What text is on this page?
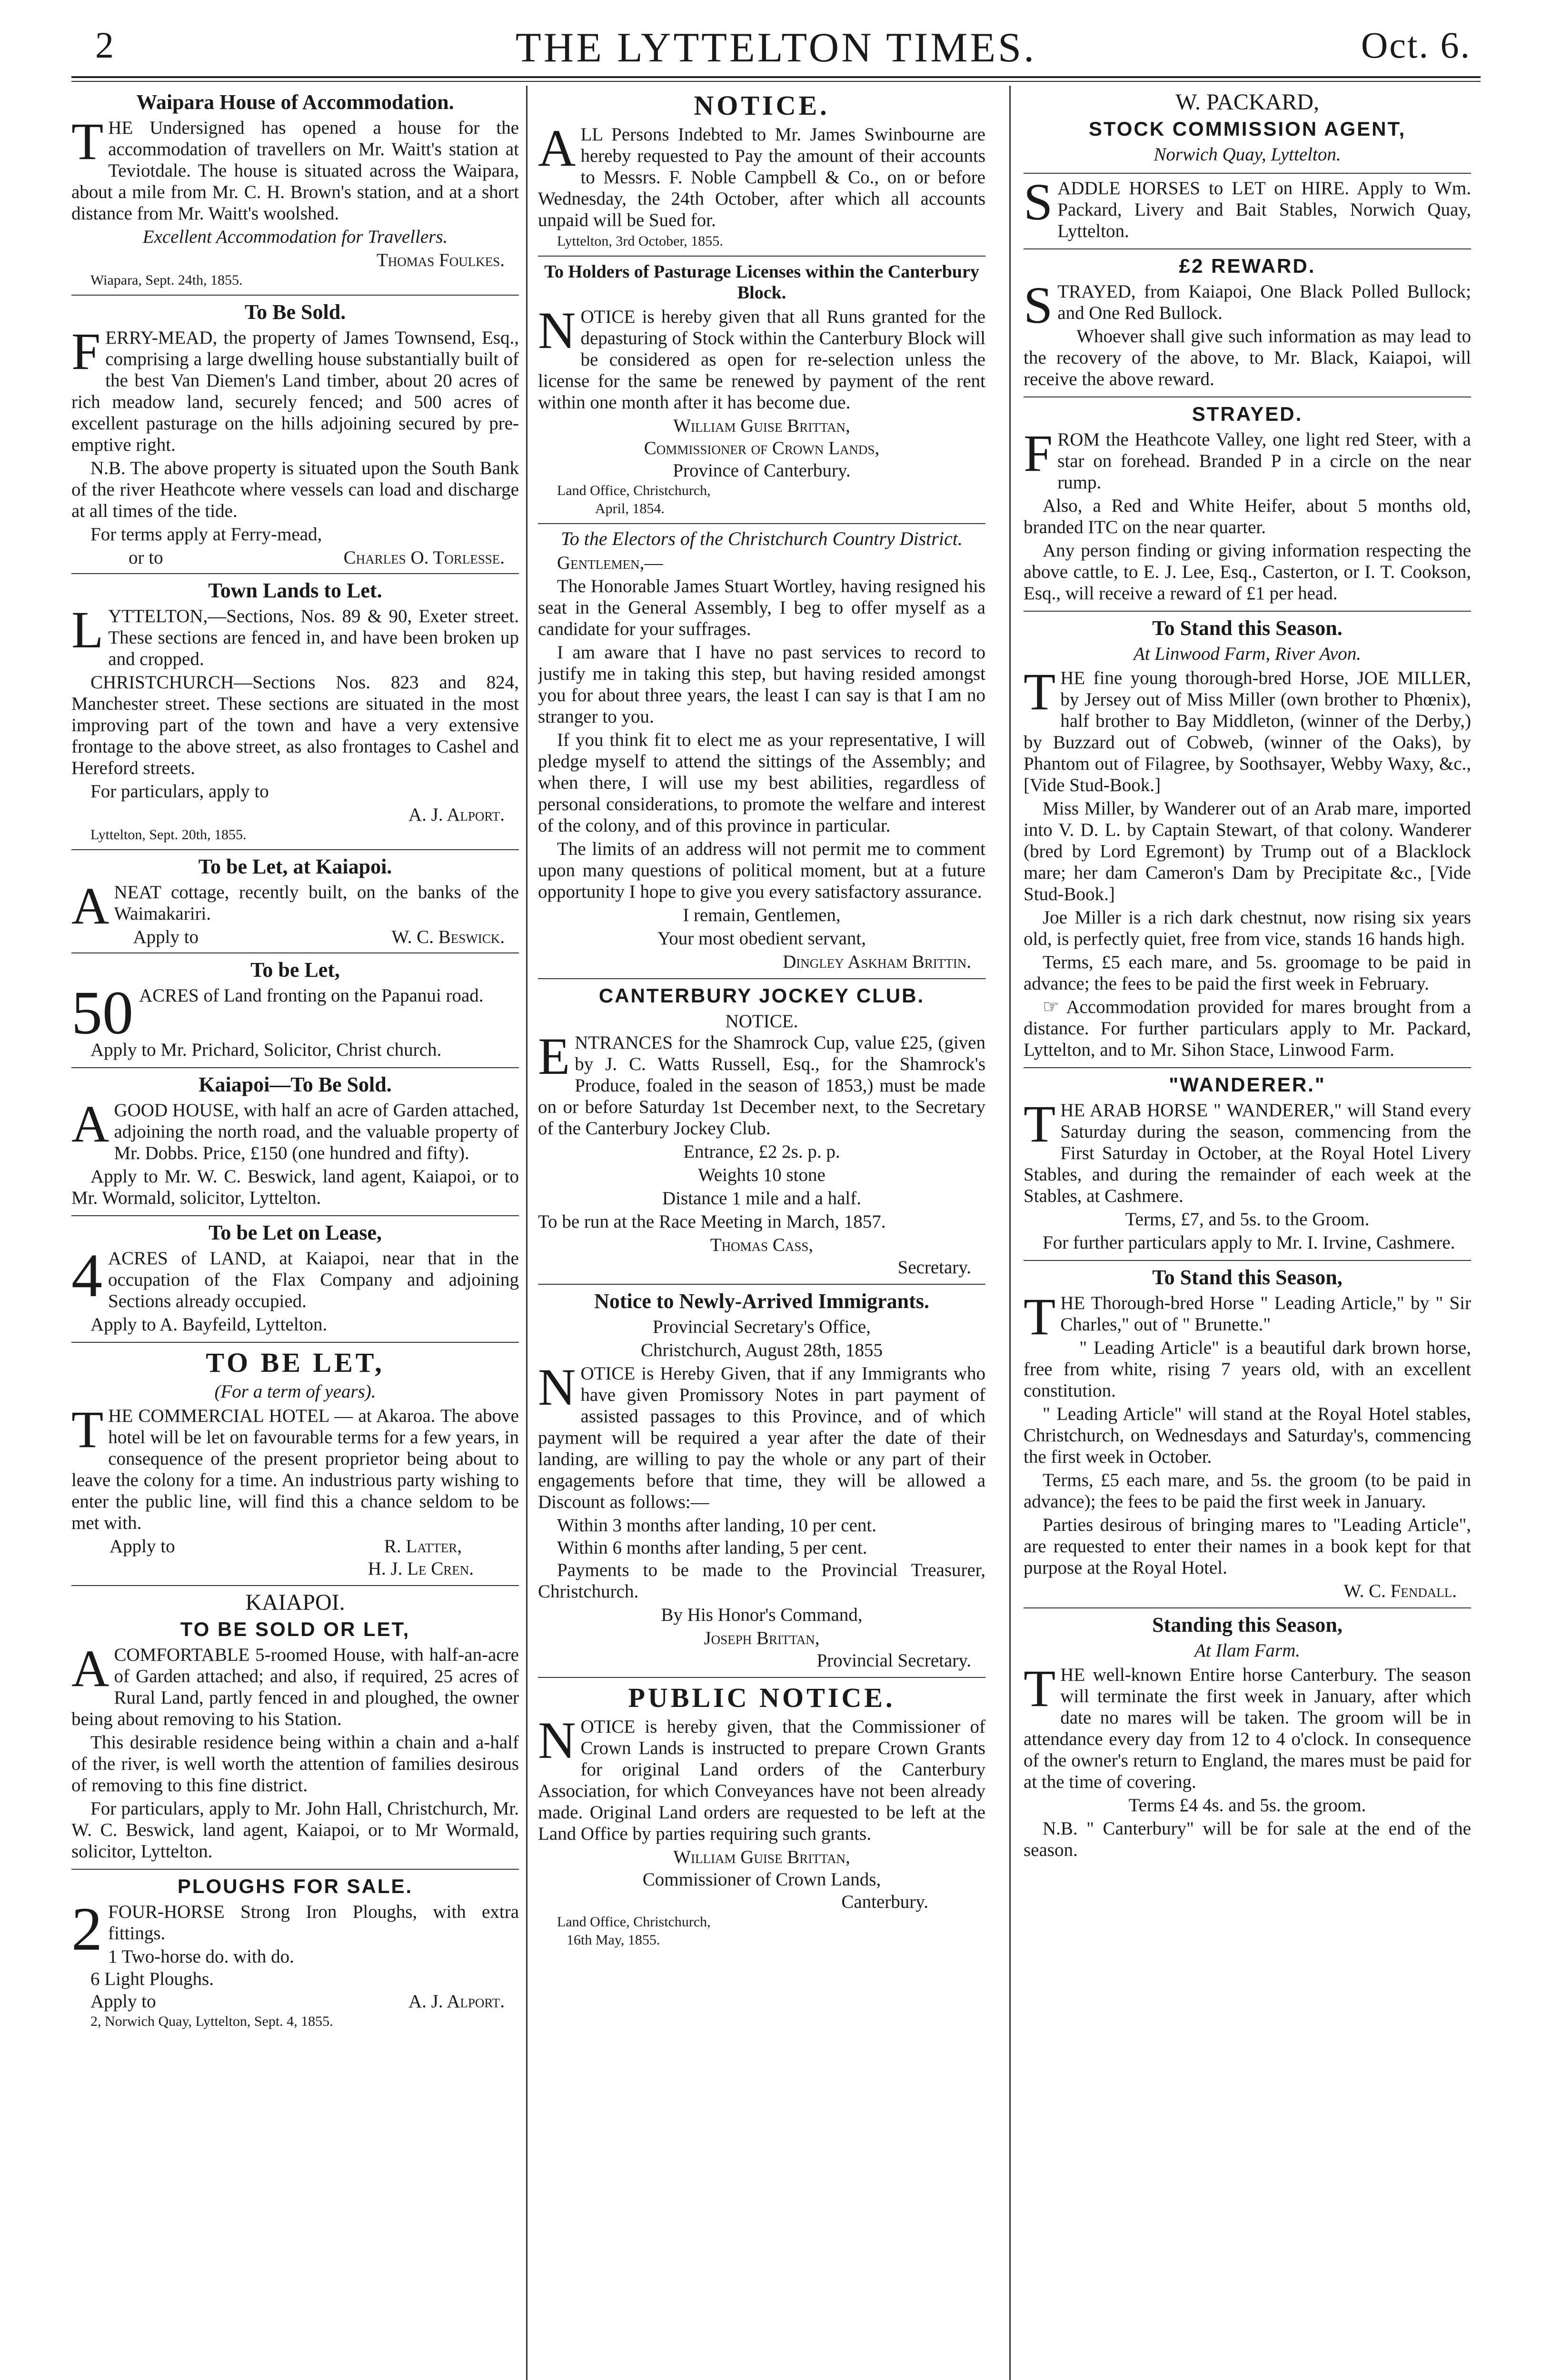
2	THE LYTTELTON TIMES.	Oct. 6.
Waipara House of Accommodation.

THE Undersigned has opened a house for the accommodation of travellers on Mr. Waitt's station at Teviotdale. The house is situated across the Waipara, about a mile from Mr. C. H. Brown's station, and at a short distance from Mr. Waitt's woolshed.

Excellent Accommodation for Travellers.

Thomas Foulkes.
Wiapara, Sept. 24th, 1855.
To Be Sold.

FERRY-MEAD, the property of James Townsend, Esq., comprising a large dwelling house substantially built of the best Van Diemen's Land timber, about 20 acres of rich meadow land, securely fenced; and 500 acres of excellent pasturage on the hills adjoining secured by pre-emptive right.

N.B. The above property is situated upon the South Bank of the river Heathcote where vessels can load and discharge at all times of the tide.

For terms apply at Ferry-mead,

or to	Charles O. Torlesse.
Town Lands to Let.

LYTTELTON,—Sections, Nos. 89 & 90, Exeter street. These sections are fenced in, and have been broken up and cropped.

CHRISTCHURCH—Sections Nos. 823 and 824, Manchester street. These sections are situated in the most improving part of the town and have a very extensive frontage to the above street, as also frontages to Cashel and Hereford streets.

For particulars, apply to

A. J. Alport.
Lyttelton, Sept. 20th, 1855.
To be Let, at Kaiapoi.

ANEAT cottage, recently built, on the banks of the Waimakariri.

Apply to	W. C. Beswick.
To be Let,

50 ACRES of Land fronting on the Papanui road.

Apply to Mr. Prichard, Solicitor, Christ church.

Kaiapoi—To Be Sold.

AGOOD HOUSE, with half an acre of Garden attached, adjoining the north road, and the valuable property of Mr. Dobbs. Price, £150 (one hundred and fifty).

Apply to Mr. W. C. Beswick, land agent, Kaiapoi, or to Mr. Wormald, solicitor, Lyttelton.

To be Let on Lease,

4 ACRES of LAND, at Kaiapoi, near that in the occupation of the Flax Company and adjoining Sections already occupied.

Apply to A. Bayfeild, Lyttelton.

TO BE LET,
(For a term of years).

THE COMMERCIAL HOTEL — at Akaroa. The above hotel will be let on favourable terms for a few years, in consequence of the present proprietor being about to leave the colony for a time. An industrious party wishing to enter the public line, will find this a chance seldom to be met with.

Apply to	R. Latter,
H. J. Le Cren.
KAIAPOI.
TO BE SOLD OR LET,

ACOMFORTABLE 5-roomed House, with half-an-acre of Garden attached; and also, if required, 25 acres of Rural Land, partly fenced in and ploughed, the owner being about removing to his Station.

This desirable residence being within a chain and a-half of the river, is well worth the attention of families desirous of removing to this fine district.

For particulars, apply to Mr. John Hall, Christchurch, Mr. W. C. Beswick, land agent, Kaiapoi, or to Mr Wormald, solicitor, Lyttelton.

PLOUGHS FOR SALE.

2 FOUR-HORSE Strong Iron Ploughs, with extra fittings.

1 Two-horse do. with do.

6 Light Ploughs.

Apply to	A. J. Alport.
2, Norwich Quay, Lyttelton, Sept. 4, 1855.
NOTICE.

ALL Persons Indebted to Mr. James Swinbourne are hereby requested to Pay the amount of their accounts to Messrs. F. Noble Campbell & Co., on or before Wednesday, the 24th October, after which all accounts unpaid will be Sued for.

Lyttelton, 3rd October, 1855.
To Holders of Pasturage Licenses within the Canterbury Block.

NOTICE is hereby given that all Runs granted for the depasturing of Stock within the Canterbury Block will be considered as open for re-selection unless the license for the same be renewed by payment of the rent within one month after it has become due.

William Guise Brittan,
Commissioner of Crown Lands,
Province of Canterbury.
Land Office, Christchurch,
April, 1854.
To the Electors of the Christchurch Country District.

Gentlemen,—

The Honorable James Stuart Wortley, having resigned his seat in the General Assembly, I beg to offer myself as a candidate for your suffrages.

I am aware that I have no past services to record to justify me in taking this step, but having resided amongst you for about three years, the least I can say is that I am no stranger to you.

If you think fit to elect me as your representative, I will pledge myself to attend the sittings of the Assembly; and when there, I will use my best abilities, regardless of personal considerations, to promote the welfare and interest of the colony, and of this province in particular.

The limits of an address will not permit me to comment upon many questions of political moment, but at a future opportunity I hope to give you every satisfactory assurance.

I remain, Gentlemen,

Your most obedient servant,

Dingley Askham Brittin.
CANTERBURY JOCKEY CLUB.
NOTICE.

ENTRANCES for the Shamrock Cup, value £25, (given by J. C. Watts Russell, Esq., for the Shamrock's Produce, foaled in the season of 1853,) must be made on or before Saturday 1st December next, to the Secretary of the Canterbury Jockey Club.

Entrance, £2 2s. p. p.

Weights 10 stone

Distance 1 mile and a half.

To be run at the Race Meeting in March, 1857.

Thomas Cass,
Secretary.
Notice to Newly-Arrived Immigrants.

Provincial Secretary's Office,

Christchurch, August 28th, 1855

NOTICE is Hereby Given, that if any Immigrants who have given Promissory Notes in part payment of assisted passages to this Province, and of which payment will be required a year after the date of their landing, are willing to pay the whole or any part of their engagements before that time, they will be allowed a Discount as follows:—

Within 3 months after landing, 10 per cent.

Within 6 months after landing, 5 per cent.

Payments to be made to the Provincial Treasurer, Christchurch.

By His Honor's Command,

Joseph Brittan,
Provincial Secretary.
PUBLIC NOTICE.

NOTICE is hereby given, that the Commissioner of Crown Lands is instructed to prepare Crown Grants for original Land orders of the Canterbury Association, for which Conveyances have not been already made. Original Land orders are requested to be left at the Land Office by parties requiring such grants.

William Guise Brittan,
Commissioner of Crown Lands,
Canterbury.
Land Office, Christchurch,
16th May, 1855.
W. PACKARD,
STOCK COMMISSION AGENT,
Norwich Quay, Lyttelton.

SADDLE HORSES to LET on HIRE. Apply to Wm. Packard, Livery and Bait Stables, Norwich Quay, Lyttelton.

£2 REWARD.

STRAYED, from Kaiapoi, One Black Polled Bullock; and One Red Bullock.

Whoever shall give such information as may lead to the recovery of the above, to Mr. Black, Kaiapoi, will receive the above reward.

STRAYED.

FROM the Heathcote Valley, one light red Steer, with a star on forehead. Branded P in a circle on the near rump.

Also, a Red and White Heifer, about 5 months old, branded ITC on the near quarter.

Any person finding or giving information respecting the above cattle, to E. J. Lee, Esq., Casterton, or I. T. Cookson, Esq., will receive a reward of £1 per head.

To Stand this Season.
At Linwood Farm, River Avon.

THE fine young thorough-bred Horse, JOE MILLER, by Jersey out of Miss Miller (own brother to Phœnix), half brother to Bay Middleton, (winner of the Derby,) by Buzzard out of Cobweb, (winner of the Oaks), by Phantom out of Filagree, by Soothsayer, Webby Waxy, &c., [Vide Stud-Book.]

Miss Miller, by Wanderer out of an Arab mare, imported into V. D. L. by Captain Stewart, of that colony. Wanderer (bred by Lord Egremont) by Trump out of a Blacklock mare; her dam Cameron's Dam by Precipitate &c., [Vide Stud-Book.]

Joe Miller is a rich dark chestnut, now rising six years old, is perfectly quiet, free from vice, stands 16 hands high.

Terms, £5 each mare, and 5s. groomage to be paid in advance; the fees to be paid the first week in February.

☞ Accommodation provided for mares brought from a distance. For further particulars apply to Mr. Packard, Lyttelton, and to Mr. Sihon Stace, Linwood Farm.

"WANDERER."

THE ARAB HORSE " WANDERER," will Stand every Saturday during the season, commencing from the First Saturday in October, at the Royal Hotel Livery Stables, and during the remainder of each week at the Stables, at Cashmere.

Terms, £7, and 5s. to the Groom.

For further particulars apply to Mr. I. Irvine, Cashmere.

To Stand this Season,

THE Thorough-bred Horse " Leading Article," by " Sir Charles," out of " Brunette."

" Leading Article" is a beautiful dark brown horse, free from white, rising 7 years old, with an excellent constitution.

" Leading Article" will stand at the Royal Hotel stables, Christchurch, on Wednesdays and Saturday's, commencing the first week in October.

Terms, £5 each mare, and 5s. the groom (to be paid in advance); the fees to be paid the first week in January.

Parties desirous of bringing mares to "Leading Article", are requested to enter their names in a book kept for that purpose at the Royal Hotel.

W. C. Fendall.
Standing this Season,
At Ilam Farm.

THE well-known Entire horse Canterbury. The season will terminate the first week in January, after which date no mares will be taken. The groom will be in attendance every day from 12 to 4 o'clock. In consequence of the owner's return to England, the mares must be paid for at the time of covering.

Terms £4 4s. and 5s. the groom.

N.B. " Canterbury" will be for sale at the end of the season.
